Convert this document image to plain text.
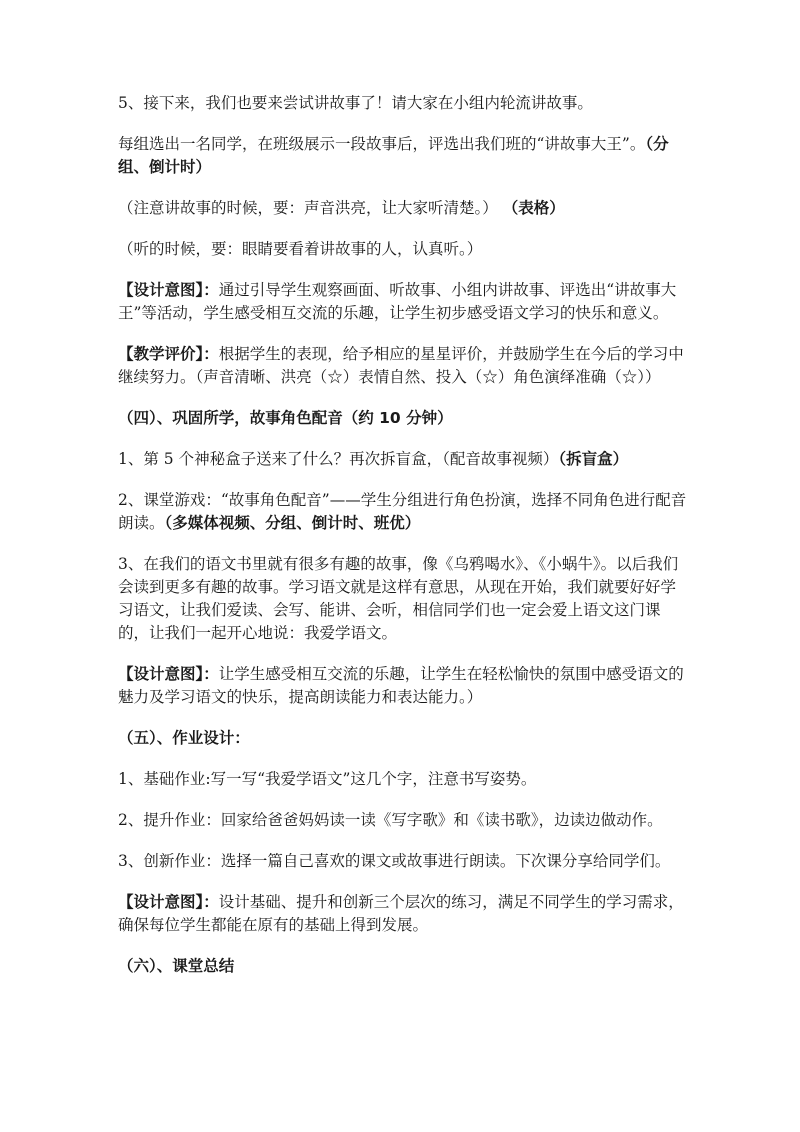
5、接下来，我们也要来尝试讲故事了！请大家在小组内轮流讲故事。

每组选出一名同学，在班级展示一段故事后，评选出我们班的“讲故事大王”。（分组、倒计时）

（注意讲故事的时候，要：声音洪亮，让大家听清楚。） （表格）

（听的时候，要：眼睛要看着讲故事的人，认真听。）

【设计意图】：通过引导学生观察画面、听故事、小组内讲故事、评选出“讲故事大王”等活动，学生感受相互交流的乐趣，让学生初步感受语文学习的快乐和意义。

【教学评价】：根据学生的表现，给予相应的星星评价，并鼓励学生在今后的学习中继续努力。（声音清晰、洪亮（☆）表情自然、投入（☆）角色演绎准确（☆））

（四）、巩固所学，故事角色配音（约 10 分钟）

1、第 5 个神秘盒子送来了什么？再次拆盲盒，（配音故事视频）（拆盲盒）

2、课堂游戏：“故事角色配音”——学生分组进行角色扮演，选择不同角色进行配音朗读。（多媒体视频、分组、倒计时、班优）

3、在我们的语文书里就有很多有趣的故事，像《乌鸦喝水》、《小蜗牛》。以后我们会读到更多有趣的故事。学习语文就是这样有意思，从现在开始，我们就要好好学习语文，让我们爱读、会写、能讲、会听，相信同学们也一定会爱上语文这门课的，让我们一起开心地说：我爱学语文。

【设计意图】：让学生感受相互交流的乐趣，让学生在轻松愉快的氛围中感受语文的魅力及学习语文的快乐，提高朗读能力和表达能力。）

（五）、作业设计：

1、基础作业:写一写“我爱学语文”这几个字，注意书写姿势。

2、提升作业：回家给爸爸妈妈读一读《写字歌》和《读书歌》，边读边做动作。

3、创新作业：选择一篇自己喜欢的课文或故事进行朗读。下次课分享给同学们。

【设计意图】：设计基础、提升和创新三个层次的练习，满足不同学生的学习需求，确保每位学生都能在原有的基础上得到发展。

（六）、课堂总结
